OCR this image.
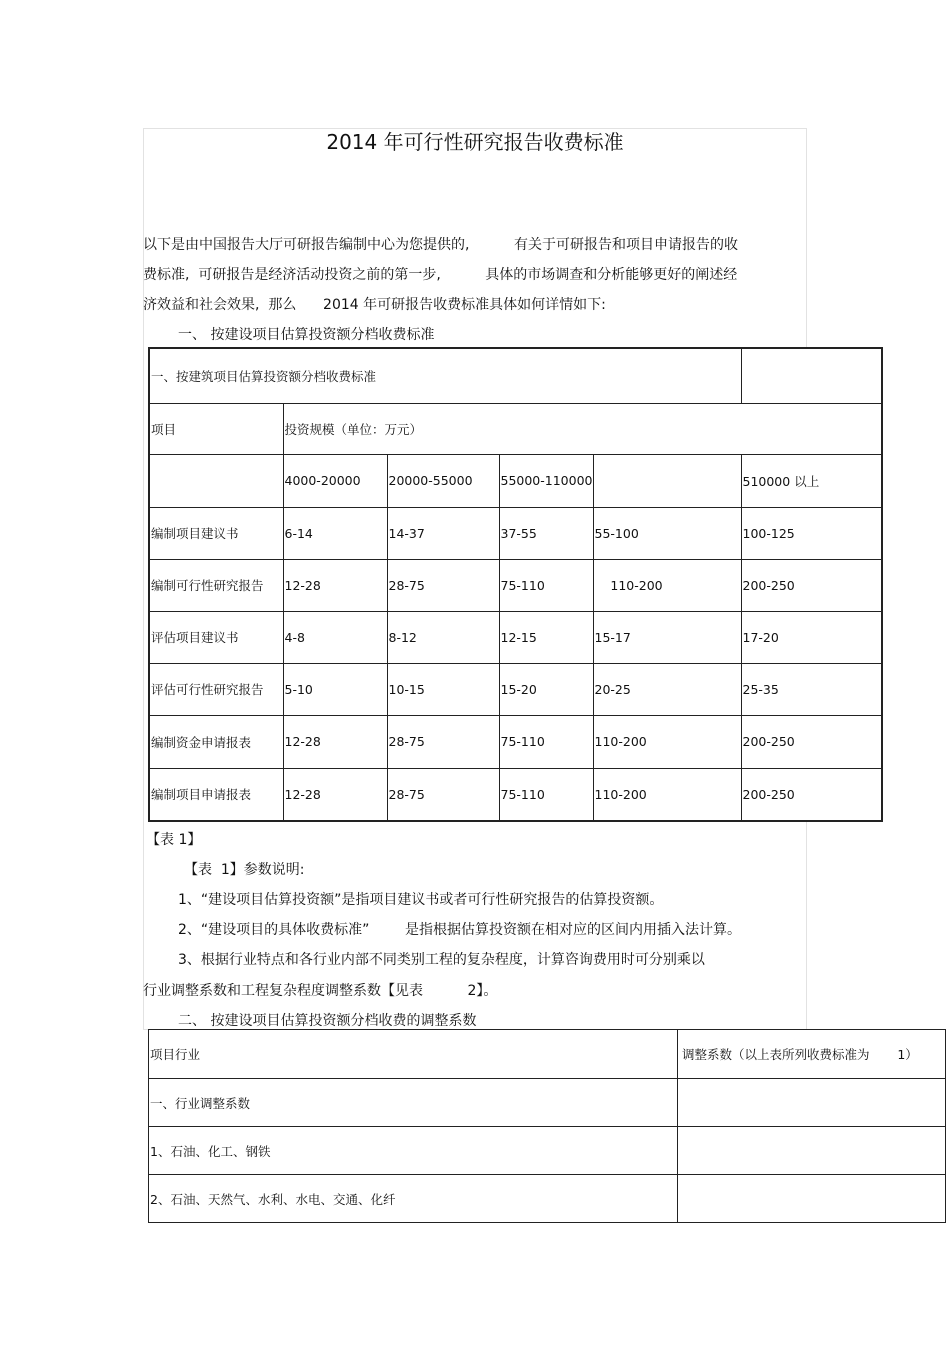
2014 年可行性研究报告收费标准
以下是由中国报告大厅可研报告编制中心为您提供的,          有关于可研报告和项目申请报告的收
费标准,  可研报告是经济活动投资之前的第一步,          具体的市场调查和分析能够更好的阐述经
济效益和社会效果,  那么      2014 年可研报告收费标准具体如何详情如下:
一、 按建设项目估算投资额分档收费标准
一、按建筑项目估算投资额分档收费标准					
项目	投资规模（单位：万元）				
	4000-20000	20000-55000	55000-110000		510000 以上
编制项目建议书	6-14	14-37	37-55	55-100	100-125
编制可行性研究报告	12-28	28-75	75-110	110-200	200-250
评估项目建议书	4-8	8-12	12-15	15-17	17-20
评估可行性研究报告	5-10	10-15	15-20	20-25	25-35
编制资金申请报表	12-28	28-75	75-110	110-200	200-250
编制项目申请报表	12-28	28-75	75-110	110-200	200-250
【表 1】
【表  1】参数说明:
1、“建设项目估算投资额”是指项目建议书或者可行性研究报告的估算投资额。
2、“建设项目的具体收费标准”        是指根据估算投资额在相对应的区间内用插入法计算。
3、根据行业特点和各行业内部不同类别工程的复杂程度，计算咨询费用时可分别乘以
行业调整系数和工程复杂程度调整系数【见表          2】。
二、 按建设项目估算投资额分档收费的调整系数
项目行业	调整系数（以上表所列收费标准为       1）
一、行业调整系数	
1、石油、化工、钢铁	
2、石油、天然气、水利、水电、交通、化纤	
